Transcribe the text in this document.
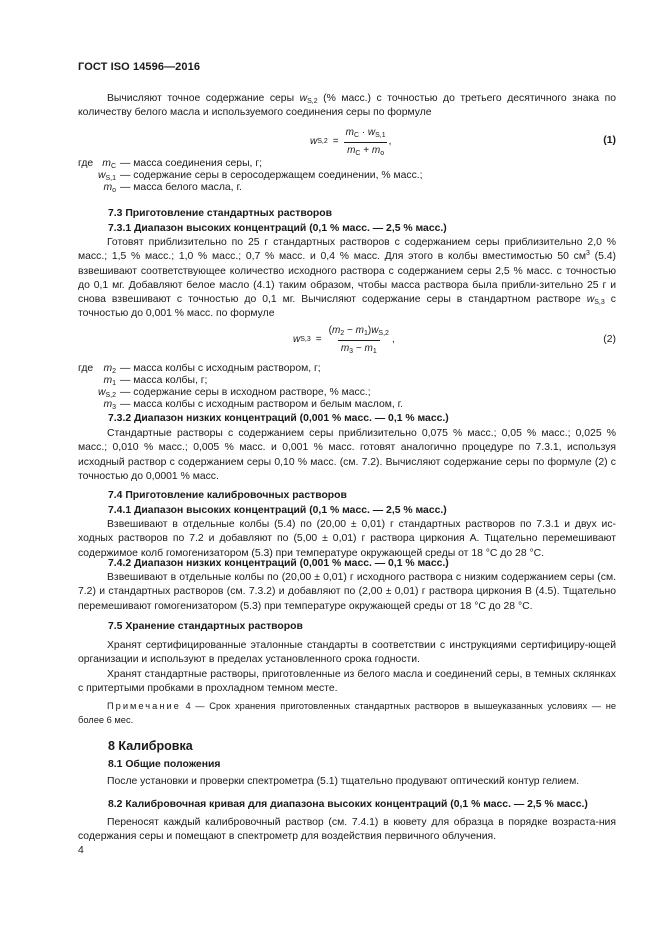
ГОСТ ISO 14596—2016
Вычисляют точное содержание серы $w_{S,2}$ (% масс.) с точностью до третьего десятичного знака по количеству белого масла и используемого соединения серы по формуле
w $S,2 = \frac{m_C \cdot w_{S,1}}{m_C + m_o}$ ,	(1)
где $m_C$ — масса соединения серы, г;
$w_{S,1}$ — содержание серы в серосодержащем соединении, % масс.;
$m_o$ — масса белого масла, г.
7.3 Приготовление стандартных растворов
7.3.1 Диапазон высоких концентраций (0,1 % масс. — 2,5 % масс.)
Готовят приблизительно по 25 г стандартных растворов с содержанием серы приблизительно 2,0 % масс.; 1,5 % масс.; 1,0 % масс.; 0,7 % масс. и 0,4 % масс. Для этого в колбы вместимостью 50 $см^3$ (5.4) взвешивают соответствующее количество исходного раствора с содержанием серы 2,5 % масс. с точностью до 0,1 мг. Добавляют белое масло (4.1) таким образом, чтобы масса раствора была прибли-зительно 25 г и снова взвешивают с точностью до 0,1 мг. Вычисляют содержание серы в стандартном растворе $w_{S,3}$ с точностью до 0,001 % масс. по формуле
w $S,3 = \frac{(m_2 - m_1)w_{S,2}}{m_3 - m_1}$ ,	(2)
где $m_2$ — масса колбы с исходным раствором, г;
$m_1$ — масса колбы, г;
$w_{S,2}$ — содержание серы в исходном растворе, % масс.;
$m_3$ — масса колбы с исходным раствором и белым маслом, г.
7.3.2 Диапазон низких концентраций (0,001 % масс. — 0,1 % масс.)
Стандартные растворы с содержанием серы приблизительно 0,075 % масс.; 0,05 % масс.; 0,025 % масс.; 0,010 % масс.; 0,005 % масс. и 0,001 % масс. готовят аналогично процедуре по 7.3.1, используя исходный раствор с содержанием серы 0,10 % масс. (см. 7.2). Вычисляют содержание серы по формуле (2) с точностью до 0,0001 % масс.
7.4 Приготовление калибровочных растворов
7.4.1 Диапазон высоких концентраций (0,1 % масс. — 2,5 % масс.)
Взвешивают в отдельные колбы (5.4) по (20,00 ± 0,01) г стандартных растворов по 7.3.1 и двух ис-ходных растворов по 7.2 и добавляют по (5,00 ± 0,01) г раствора циркония А. Тщательно перемешивают содержимое колб гомогенизатором (5.3) при температуре окружающей среды от 18 °С до 28 °С.
7.4.2 Диапазон низких концентраций (0,001 % масс. — 0,1 % масс.)
Взвешивают в отдельные колбы по (20,00 ± 0,01) г исходного раствора с низким содержанием серы (см. 7.2) и стандартных растворов (см. 7.3.2) и добавляют по (2,00 ± 0,01) г раствора циркония В (4.5). Тщательно перемешивают гомогенизатором (5.3) при температуре окружающей среды от 18 °С до 28 °С.
7.5 Хранение стандартных растворов
Хранят сертифицированные эталонные стандарты в соответствии с инструкциями сертифициру-ющей организации и используют в пределах установленного срока годности.
Хранят стандартные растворы, приготовленные из белого масла и соединений серы, в темных склянках с притертыми пробками в прохладном темном месте.
Примечание 4 — Срок хранения приготовленных стандартных растворов в вышеуказанных условиях — не более 6 мес.
8 Калибровка
8.1 Общие положения
После установки и проверки спектрометра (5.1) тщательно продувают оптический контур гелием.
8.2 Калибровочная кривая для диапазона высоких концентраций (0,1 % масс. — 2,5 % масс.)
Переносят каждый калибровочный раствор (см. 7.4.1) в кювету для образца в порядке возраста-ния содержания серы и помещают в спектрометр для воздействия первичного облучения.
4
